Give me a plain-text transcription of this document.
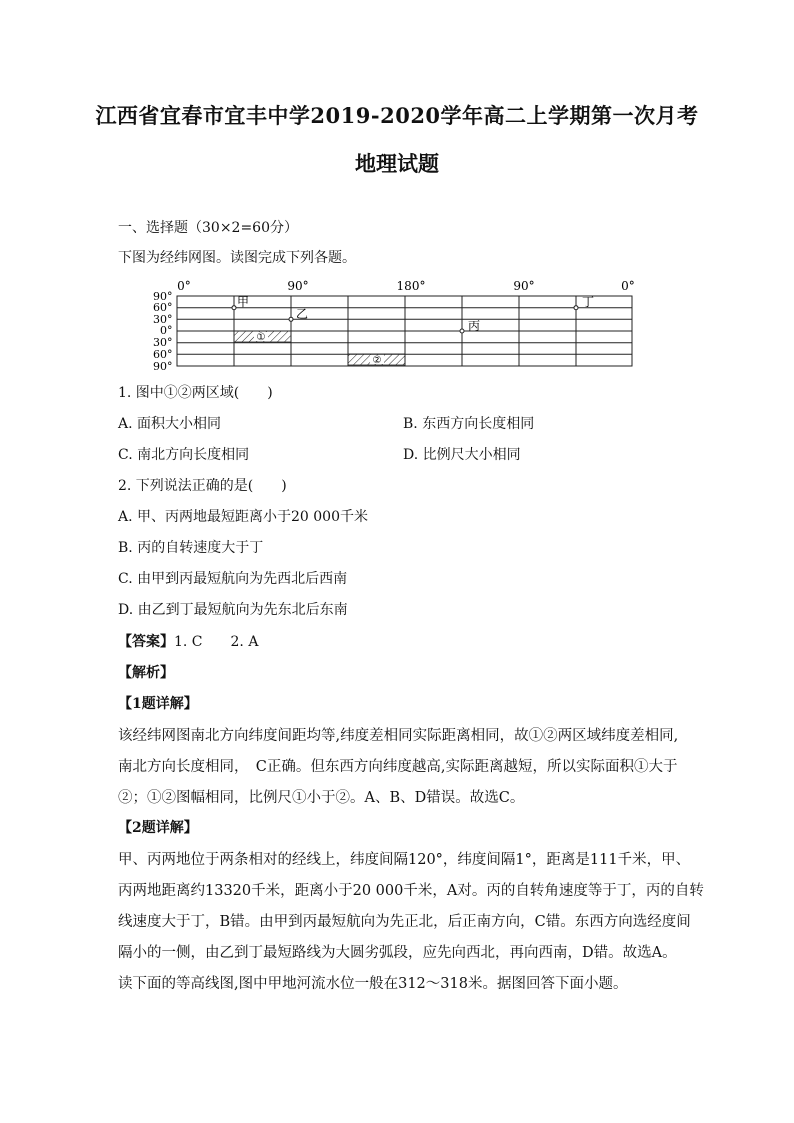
江西省宜春市宜丰中学2019-2020学年高二上学期第一次月考
地理试题
一、选择题（30×2=60分）
下图为经纬网图。读图完成下列各题。
0°	90°	180°	90°	0°
90°
60°
30°
0°
30°
60°
90°
①
②
甲
乙
丙
丁
1. 图中①②两区域(　　)
A. 面积大小相同	B. 东西方向长度相同
C. 南北方向长度相同	D. 比例尺大小相同
2. 下列说法正确的是(　　)
A. 甲、丙两地最短距离小于20 000千米
B. 丙的自转速度大于丁
C. 由甲到丙最短航向为先西北后西南
D. 由乙到丁最短航向为先东北后东南
【答案】1. C　　2. A
【解析】
【1题详解】
该经纬网图南北方向纬度间距均等,纬度差相同实际距离相同，故①②两区域纬度差相同,
南北方向长度相同，　C正确。但东西方向纬度越高,实际距离越短，所以实际面积①大于
②；①②图幅相同，比例尺①小于②。A、B、D错误。故选C。
【2题详解】
甲、丙两地位于两条相对的经线上，纬度间隔120°，纬度间隔1°，距离是111千米，甲、
丙两地距离约13320千米，距离小于20 000千米，A对。丙的自转角速度等于丁，丙的自转
线速度大于丁，B错。由甲到丙最短航向为先正北，后正南方向，C错。东西方向选经度间
隔小的一侧，由乙到丁最短路线为大圆劣弧段，应先向西北，再向西南，D错。故选A。
读下面的等高线图,图中甲地河流水位一般在312～318米。据图回答下面小题。
